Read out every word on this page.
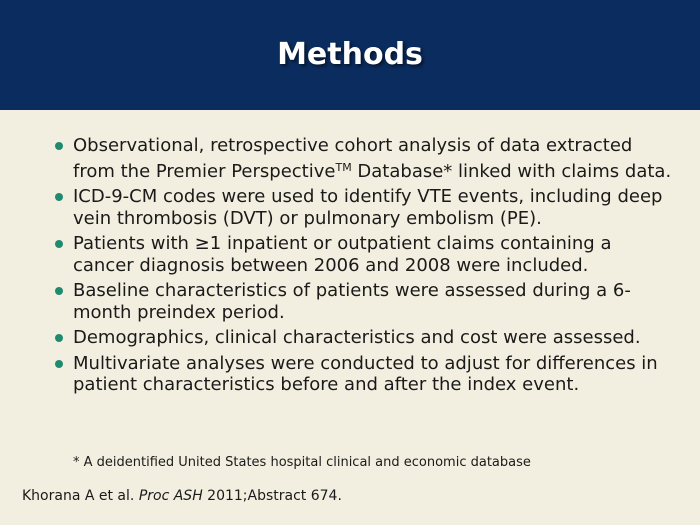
Methods
Observational, retrospective cohort analysis of data extracted from the Premier Perspective™ Database* linked with claims data.
ICD-9-CM codes were used to identify VTE events, including deep vein thrombosis (DVT) or pulmonary embolism (PE).
Patients with ≥1 inpatient or outpatient claims containing a cancer diagnosis between 2006 and 2008 were included.
Baseline characteristics of patients were assessed during a 6-month preindex period.
Demographics, clinical characteristics and cost were assessed.
Multivariate analyses were conducted to adjust for differences in patient characteristics before and after the index event.
* A deidentified United States hospital clinical and economic database
Khorana A et al. Proc ASH 2011;Abstract 674.
